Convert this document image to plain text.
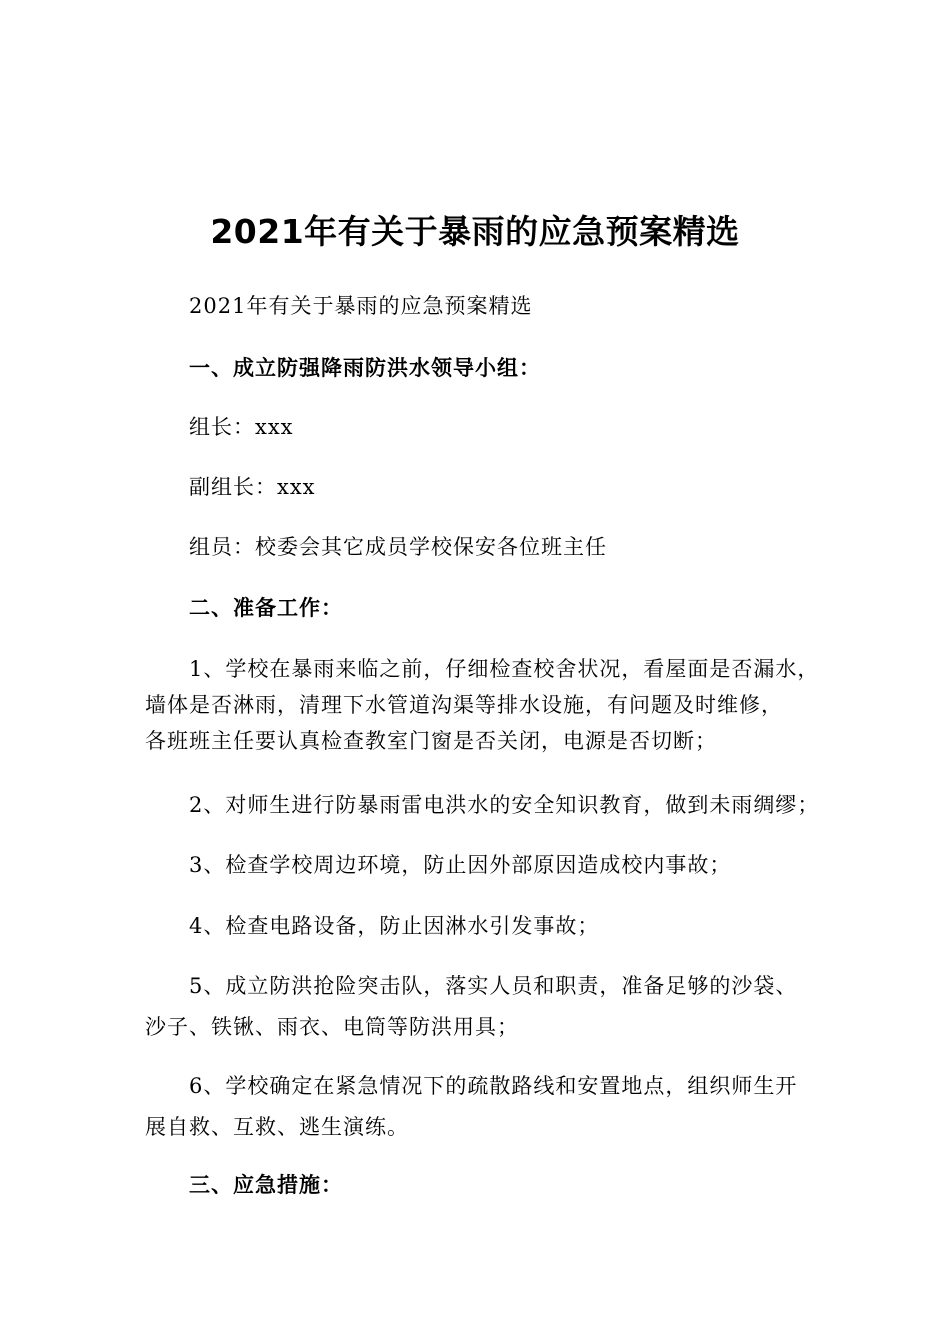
2021年有关于暴雨的应急预案精选
2021年有关于暴雨的应急预案精选
一、成立防强降雨防洪水领导小组：
组长：xxx
副组长：xxx
组员：校委会其它成员学校保安各位班主任
二、准备工作：
1、学校在暴雨来临之前，仔细检查校舍状况，看屋面是否漏水，
墙体是否淋雨，清理下水管道沟渠等排水设施，有问题及时维修，
各班班主任要认真检查教室门窗是否关闭，电源是否切断；
2、对师生进行防暴雨雷电洪水的安全知识教育，做到未雨绸缪；
3、检查学校周边环境，防止因外部原因造成校内事故；
4、检查电路设备，防止因淋水引发事故；
5、成立防洪抢险突击队，落实人员和职责，准备足够的沙袋、
沙子、铁锹、雨衣、电筒等防洪用具；
6、学校确定在紧急情况下的疏散路线和安置地点，组织师生开
展自救、互救、逃生演练。
三、应急措施：
